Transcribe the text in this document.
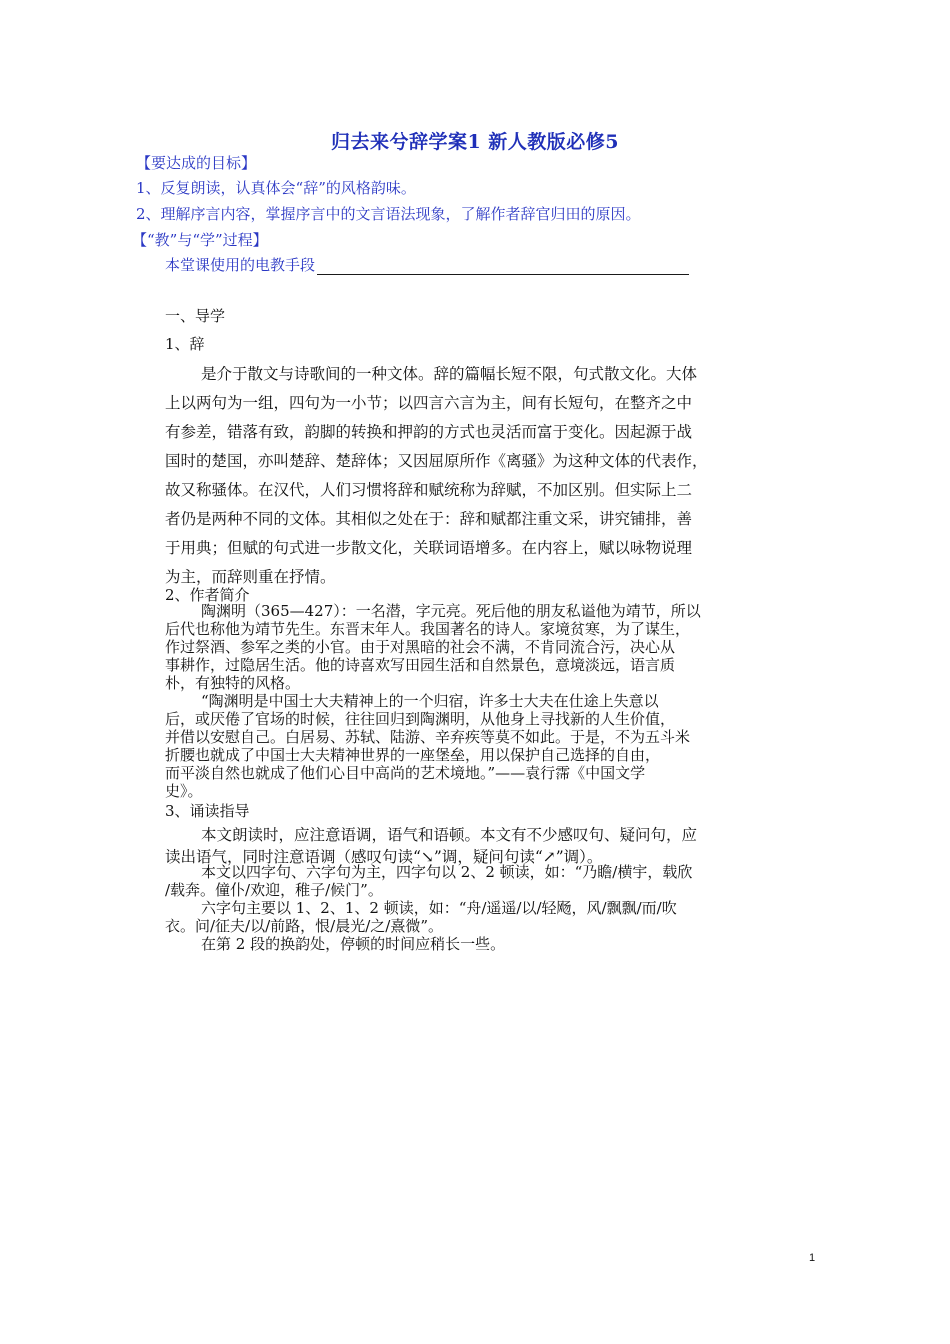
归去来兮辞学案1 新人教版必修5
【要达成的目标】
1、反复朗读，认真体会“辞”的风格韵味。
2、理解序言内容，掌握序言中的文言语法现象，了解作者辞官归田的原因。
【“教”与“学”过程】
本堂课使用的电教手段
一、导学
1、辞
是介于散文与诗歌间的一种文体。辞的篇幅长短不限，句式散文化。大体
上以两句为一组，四句为一小节；以四言六言为主，间有长短句，在整齐之中
有参差，错落有致，韵脚的转换和押韵的方式也灵活而富于变化。因起源于战
国时的楚国，亦叫楚辞、楚辞体；又因屈原所作《离骚》为这种文体的代表作，
故又称骚体。在汉代，人们习惯将辞和赋统称为辞赋，不加区别。但实际上二
者仍是两种不同的文体。其相似之处在于：辞和赋都注重文采，讲究铺排，善
于用典；但赋的句式进一步散文化，关联词语增多。在内容上，赋以咏物说理
为主，而辞则重在抒情。
2、作者简介
陶渊明（365—427）：一名潜，字元亮。死后他的朋友私谥他为靖节，所以
后代也称他为靖节先生。东晋末年人。我国著名的诗人。家境贫寒，为了谋生，
作过祭酒、参军之类的小官。由于对黑暗的社会不满，不肯同流合污，决心从
事耕作，过隐居生活。他的诗喜欢写田园生活和自然景色，意境淡远，语言质
朴，有独特的风格。
“陶渊明是中国士大夫精神上的一个归宿，许多士大夫在仕途上失意以
后，或厌倦了官场的时候，往往回归到陶渊明，从他身上寻找新的人生价值，
并借以安慰自己。白居易、苏轼、陆游、辛弃疾等莫不如此。于是，不为五斗米
折腰也就成了中国士大夫精神世界的一座堡垒，用以保护自己选择的自由，
而平淡自然也就成了他们心目中高尚的艺术境地。”——袁行霈《中国文学
史》。
3、诵读指导
本文朗读时，应注意语调，语气和语顿。本文有不少感叹句、疑问句，应
读出语气，同时注意语调（感叹句读“↘”调，疑问句读“↗”调）。
本文以四字句、六字句为主，四字句以 2、2 顿读，如：“乃瞻/横宇，载欣
/载奔。僮仆/欢迎，稚子/候门”。
六字句主要以 1、2、1、2 顿读，如：“舟/遥遥/以/轻飏，风/飘飘/而/吹
衣。问/征夫/以/前路，恨/晨光/之/熹微”。
在第 2 段的换韵处，停顿的时间应稍长一些。
1
